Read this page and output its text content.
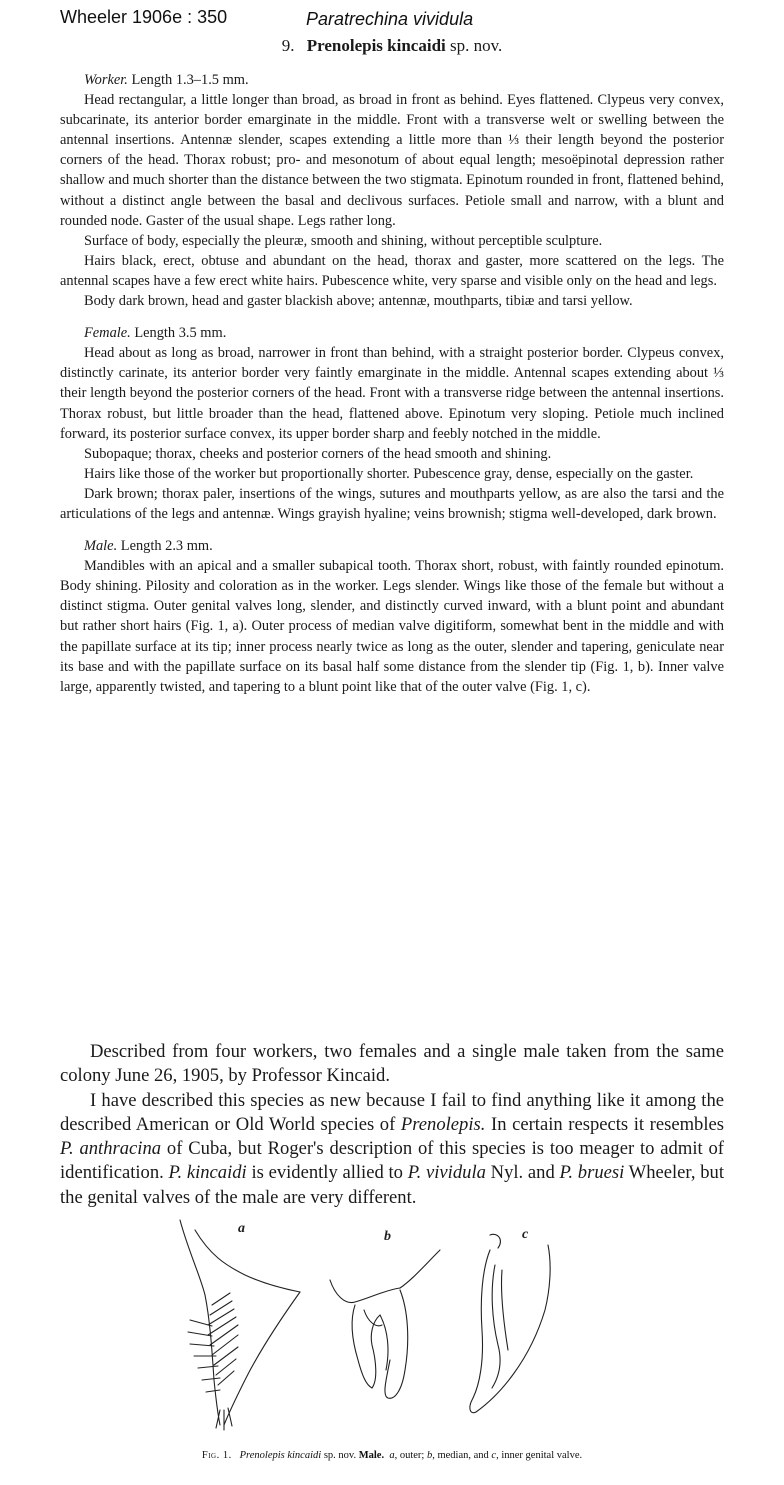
Wheeler 1906e : 350	Paratrechina vividula
9. Prenolepis kincaidi sp. nov.

Worker. Length 1.3–1.5 mm.

Head rectangular, a little longer than broad, as broad in front as behind. Eyes flattened. Clypeus very convex, subcarinate, its anterior border emarginate in the middle. Front with a transverse welt or swelling between the antennal insertions. Antennæ slender, scapes extending a little more than ⅓ their length beyond the posterior corners of the head. Thorax robust; pro- and mesonotum of about equal length; mesoëpinotal depression rather shallow and much shorter than the distance between the two stigmata. Epinotum rounded in front, flattened behind, without a distinct angle between the basal and declivous surfaces. Petiole small and narrow, with a blunt and rounded node. Gaster of the usual shape. Legs rather long.

Surface of body, especially the pleuræ, smooth and shining, without perceptible sculpture.

Hairs black, erect, obtuse and abundant on the head, thorax and gaster, more scattered on the legs. The antennal scapes have a few erect white hairs. Pubescence white, very sparse and visible only on the head and legs.

Body dark brown, head and gaster blackish above; antennæ, mouthparts, tibiæ and tarsi yellow.

Female. Length 3.5 mm.

Head about as long as broad, narrower in front than behind, with a straight posterior border. Clypeus convex, distinctly carinate, its anterior border very faintly emarginate in the middle. Antennal scapes extending about ⅓ their length beyond the posterior corners of the head. Front with a transverse ridge between the antennal insertions. Thorax robust, but little broader than the head, flattened above. Epinotum very sloping. Petiole much inclined forward, its posterior surface convex, its upper border sharp and feebly notched in the middle.

Subopaque; thorax, cheeks and posterior corners of the head smooth and shining.

Hairs like those of the worker but proportionally shorter. Pubescence gray, dense, especially on the gaster.

Dark brown; thorax paler, insertions of the wings, sutures and mouthparts yellow, as are also the tarsi and the articulations of the legs and antennæ. Wings grayish hyaline; veins brownish; stigma well-developed, dark brown.

Male. Length 2.3 mm.

Mandibles with an apical and a smaller subapical tooth. Thorax short, robust, with faintly rounded epinotum. Body shining. Pilosity and coloration as in the worker. Legs slender. Wings like those of the female but without a distinct stigma. Outer genital valves long, slender, and distinctly curved inward, with a blunt point and abundant but rather short hairs (Fig. 1, a). Outer process of median valve digitiform, somewhat bent in the middle and with the papillate surface at its tip; inner process nearly twice as long as the outer, slender and tapering, geniculate near its base and with the papillate surface on its basal half some distance from the slender tip (Fig. 1, b). Inner valve large, apparently twisted, and tapering to a blunt point like that of the outer valve (Fig. 1, c).

Described from four workers, two females and a single male taken from the same colony June 26, 1905, by Professor Kincaid.

I have described this species as new because I fail to find anything like it among the described American or Old World species of Prenolepis. In certain respects it resembles P. anthracina of Cuba, but Roger's description of this species is too meager to admit of identification. P. kincaidi is evidently allied to P. vividula Nyl. and P. bruesi Wheeler, but the genital valves of the male are very different.

a
b	c
Fig. 1. Prenolepis kincaidi sp. nov. Male. a, outer; b, median, and c, inner genital valve.
